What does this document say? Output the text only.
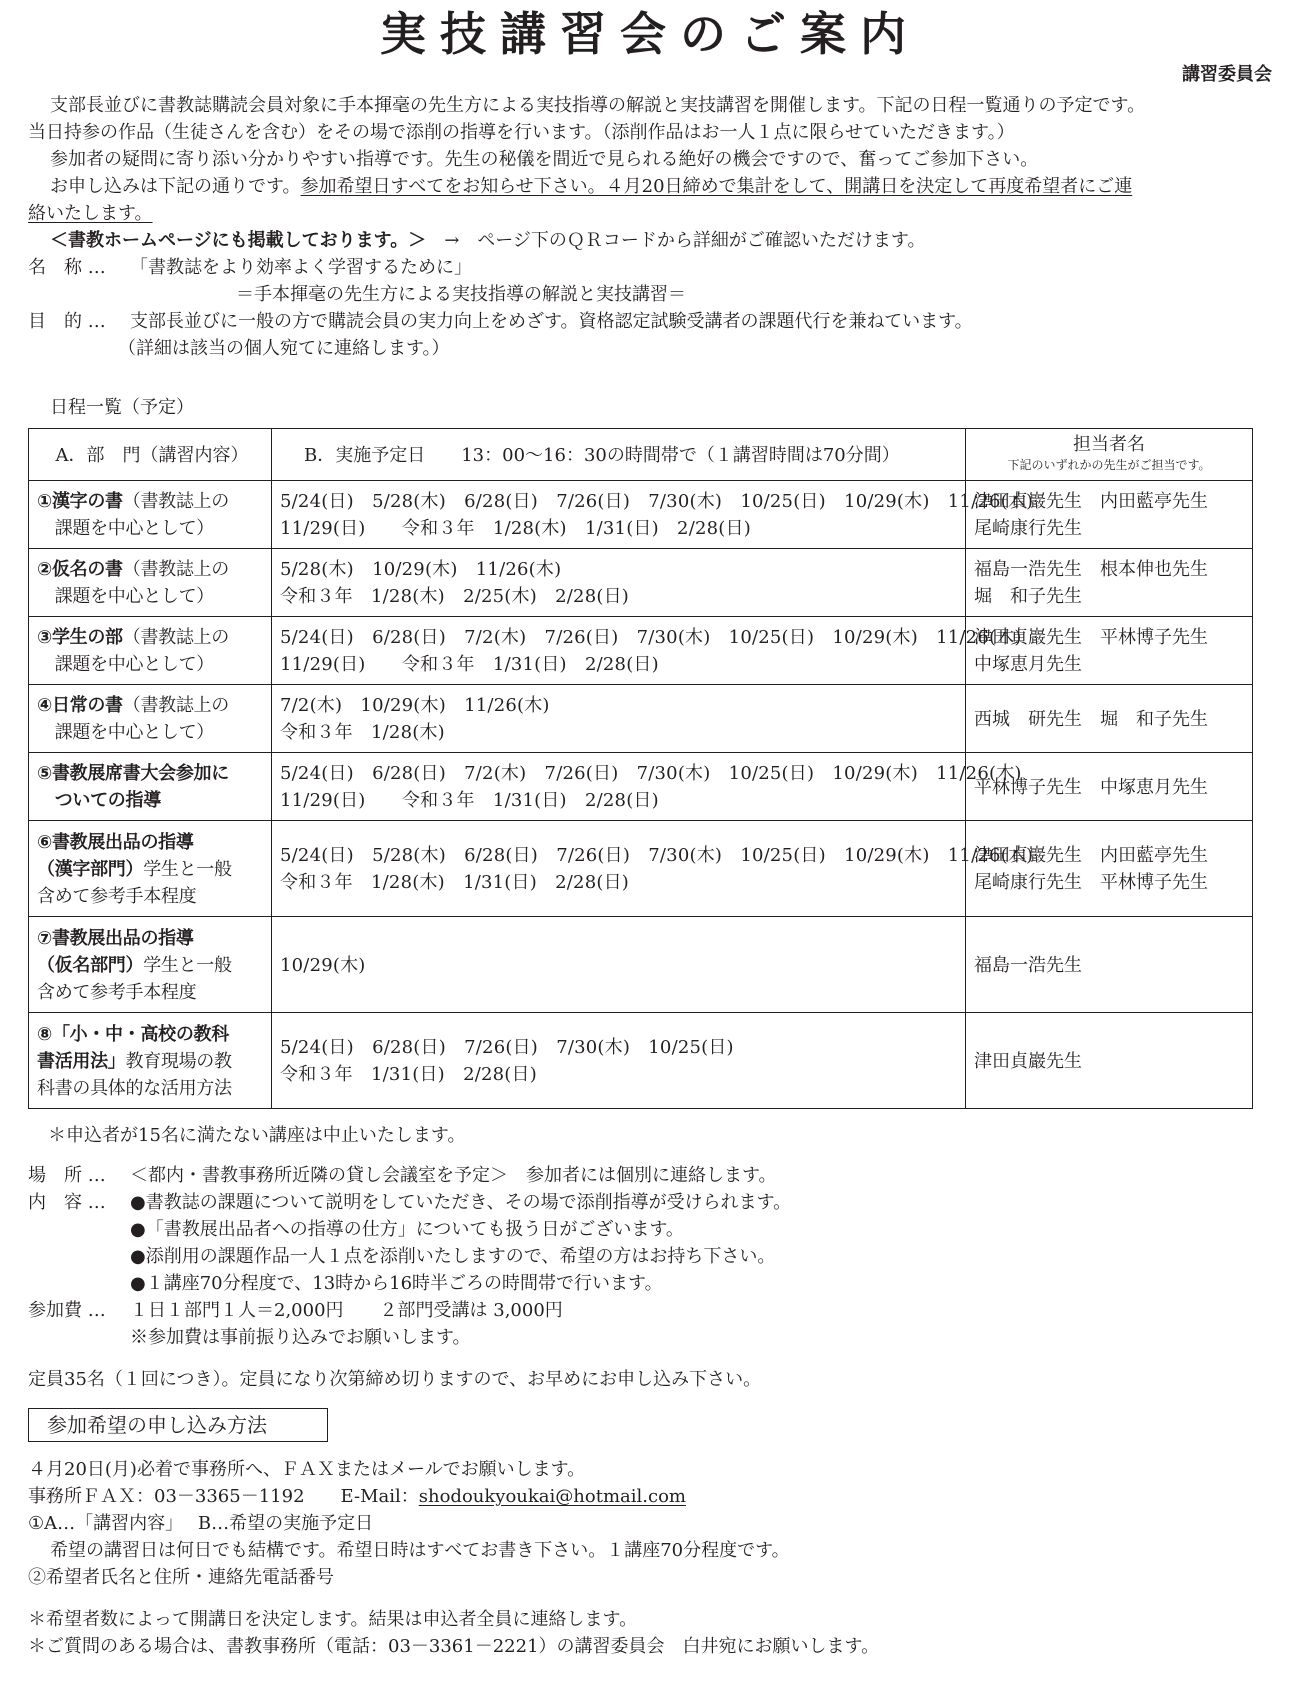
実技講習会のご案内
講習委員会
支部長並びに書教誌購読会員対象に手本揮毫の先生方による実技指導の解説と実技講習を開催します。下記の日程一覧通りの予定です。
当日持参の作品（生徒さんを含む）をその場で添削の指導を行います。（添削作品はお一人１点に限らせていただきます。）
参加者の疑問に寄り添い分かりやすい指導です。先生の秘儀を間近で見られる絶好の機会ですので、奮ってご参加下さい。
お申し込みは下記の通りです。参加希望日すべてをお知らせ下さい。４月20日締めで集計をして、開講日を決定して再度希望者にご連
絡いたします。
＜書教ホームページにも掲載しております。＞　 →　ページ下のＱＲコードから詳細がご確認いただけます。
名　称 … 「書教誌をより効率よく学習するために」
＝手本揮毫の先生方による実技指導の解説と実技講習＝
目　的 … 支部長並びに一般の方で購読会員の実力向上をめざす。資格認定試験受講者の課題代行を兼ねています。
（詳細は該当の個人宛てに連絡します。）
日程一覧（予定）
A．部　門（講習内容）	B．実施予定日　　13：00〜16：30の時間帯で（１講習時間は70分間）	担当者名
下記のいずれかの先生がご担当です。

①漢字の書（書教誌上の
　課題を中心として）	5/24(日)　5/28(木)　6/28(日)　7/26(日)　7/30(木)　10/25(日)　10/29(木)　11/26(木)
11/29(日)　　令和３年　1/28(木)　1/31(日)　2/28(日)	津田貞巖先生　内田藍亭先生
尾崎康行先生

②仮名の書（書教誌上の
　課題を中心として）	5/28(木)　10/29(木)　11/26(木)
令和３年　1/28(木)　2/25(木)　2/28(日)	福島一浩先生　根本伸也先生
堀　和子先生

③学生の部（書教誌上の
　課題を中心として）	5/24(日)　6/28(日)　7/2(木)　7/26(日)　7/30(木)　10/25(日)　10/29(木)　11/26(木)
11/29(日)　　令和３年　1/31(日)　2/28(日)	津田貞巖先生　平林博子先生
中塚恵月先生

④日常の書（書教誌上の
　課題を中心として）	7/2(木)　10/29(木)　11/26(木)
令和３年　1/28(木)	西城　研先生　堀　和子先生

⑤書教展席書大会参加に
　ついての指導	5/24(日)　6/28(日)　7/2(木)　7/26(日)　7/30(木)　10/25(日)　10/29(木)　11/26(木)
11/29(日)　　令和３年　1/31(日)　2/28(日)	平林博子先生　中塚恵月先生

⑥書教展出品の指導
（漢字部門）学生と一般
含めて参考手本程度	5/24(日)　5/28(木)　6/28(日)　7/26(日)　7/30(木)　10/25(日)　10/29(木)　11/26(木)
令和３年　1/28(木)　1/31(日)　2/28(日)	津田貞巖先生　内田藍亭先生
尾崎康行先生　平林博子先生

⑦書教展出品の指導
（仮名部門）学生と一般
含めて参考手本程度	10/29(木)	福島一浩先生

⑧「小・中・高校の教科
書活用法」教育現場の教
科書の具体的な活用方法	5/24(日)　6/28(日)　7/26(日)　7/30(木)　10/25(日)
令和３年　1/31(日)　2/28(日)	津田貞巖先生
＊申込者が15名に満たない講座は中止いたします。
場　所 … ＜都内・書教事務所近隣の貸し会議室を予定＞　参加者には個別に連絡します。
内　容 … ●書教誌の課題について説明をしていただき、その場で添削指導が受けられます。
●「書教展出品者への指導の仕方」についても扱う日がございます。
●添削用の課題作品一人１点を添削いたしますので、希望の方はお持ち下さい。
●１講座70分程度で、13時から16時半ごろの時間帯で行います。
参加費 … １日１部門１人＝2,000円　　２部門受講は 3,000円
※参加費は事前振り込みでお願いします。
定員35名（１回につき）。定員になり次第締め切りますので、お早めにお申し込み下さい。
参加希望の申し込み方法
４月20日(月)必着で事務所へ、ＦＡＸまたはメールでお願いします。
事務所ＦＡＸ：03－3365－1192　　 E-Mail：shodoukyoukai@hotmail.com
①A…「講習内容」　 B…希望の実施予定日
希望の講習日は何日でも結構です。希望日時はすべてお書き下さい。１講座70分程度です。
②希望者氏名と住所・連絡先電話番号
＊希望者数によって開講日を決定します。結果は申込者全員に連絡します。
＊ご質問のある場合は、書教事務所（電話：03－3361－2221）の講習委員会　白井宛にお願いします。
